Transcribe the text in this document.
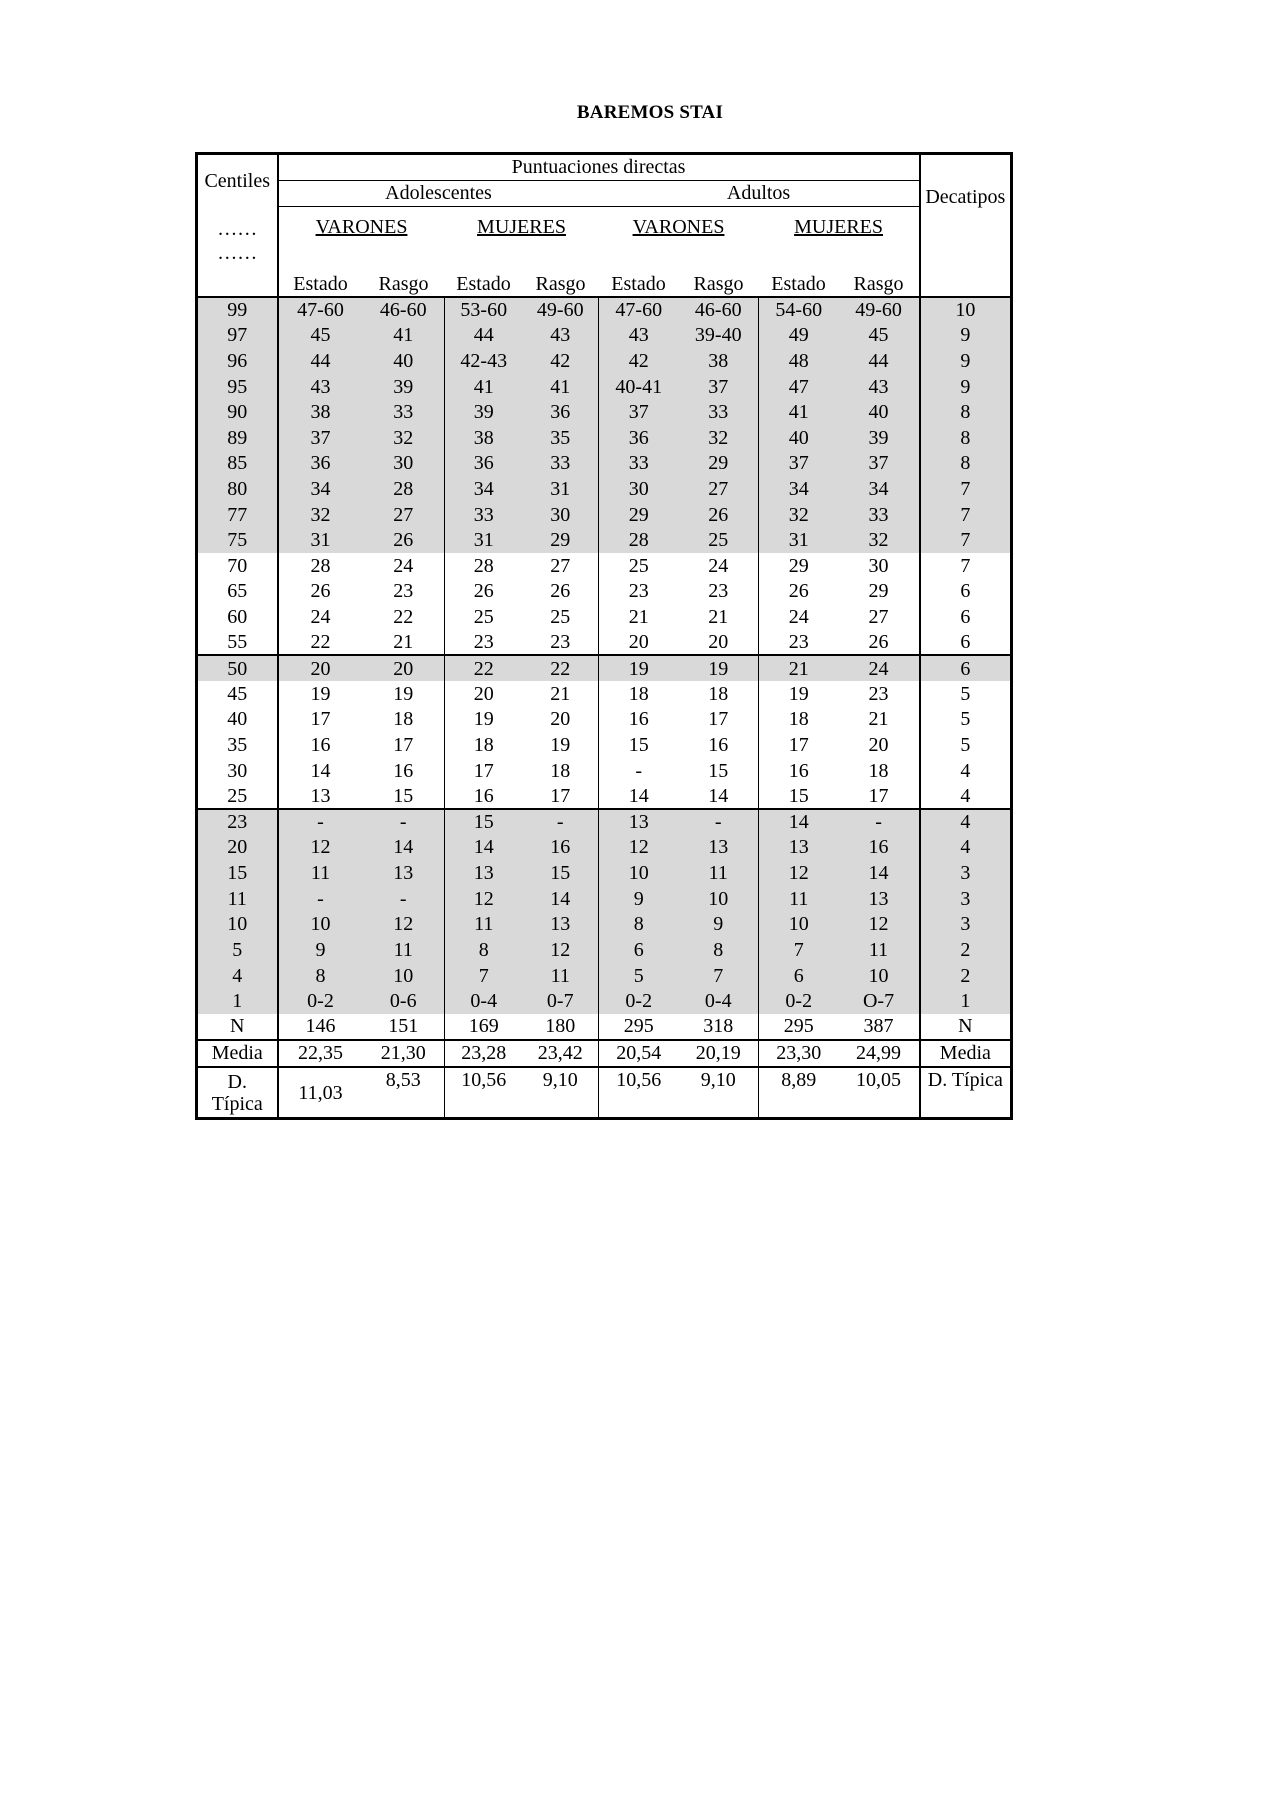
BAREMOS STAI
Centiles	Puntuaciones directas								Decatipos
	Adolescentes				Adultos				

……
……	VARONES		MUJERES		VARONES		MUJERES		
	Estado	Rasgo	Estado	Rasgo	Estado	Rasgo	Estado	Rasgo	
99	47-60	46-60	53-60	49-60	47-60	46-60	54-60	49-60	10
97	45	41	44	43	43	39-40	49	45	9
96	44	40	42-43	42	42	38	48	44	9
95	43	39	41	41	40-41	37	47	43	9
90	38	33	39	36	37	33	41	40	8
89	37	32	38	35	36	32	40	39	8
85	36	30	36	33	33	29	37	37	8
80	34	28	34	31	30	27	34	34	7
77	32	27	33	30	29	26	32	33	7
75	31	26	31	29	28	25	31	32	7
70	28	24	28	27	25	24	29	30	7
65	26	23	26	26	23	23	26	29	6
60	24	22	25	25	21	21	24	27	6
55	22	21	23	23	20	20	23	26	6
50	20	20	22	22	19	19	21	24	6
45	19	19	20	21	18	18	19	23	5
40	17	18	19	20	16	17	18	21	5
35	16	17	18	19	15	16	17	20	5
30	14	16	17	18	-	15	16	18	4
25	13	15	16	17	14	14	15	17	4
23	-	-	15	-	13	-	14	-	4
20	12	14	14	16	12	13	13	16	4
15	11	13	13	15	10	11	12	14	3
11	-	-	12	14	9	10	11	13	3
10	10	12	11	13	8	9	10	12	3
5	9	11	8	12	6	8	7	11	2
4	8	10	7	11	5	7	6	10	2
1	0-2	0-6	0-4	0-7	0-2	0-4	0-2	O-7	1
N	146	151	169	180	295	318	295	387	N
Media	22,35	21,30	23,28	23,42	20,54	20,19	23,30	24,99	Media

D.
Típica	11,03	8,53	10,56	9,10	10,56	9,10	8,89	10,05	D. Típica
